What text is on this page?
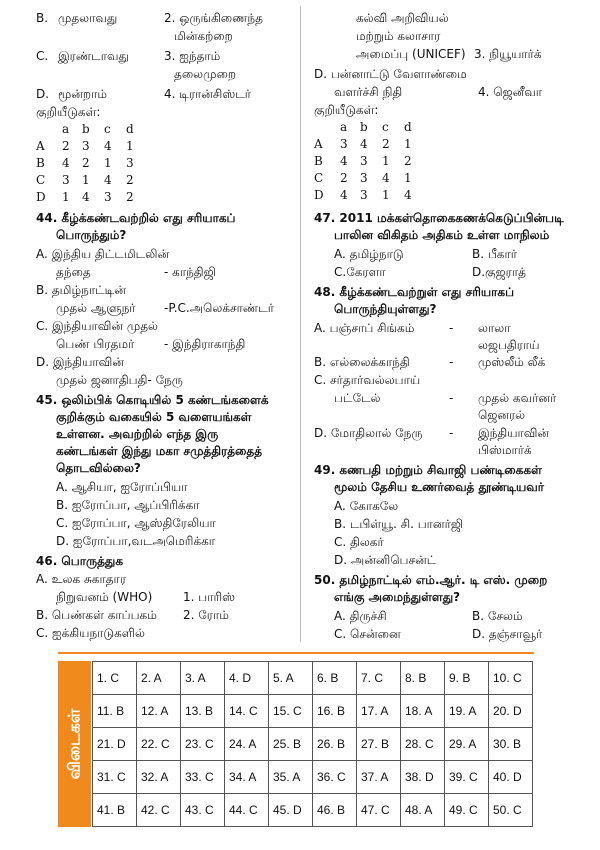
B. முதலாவது	2. ஒருங்கிணைந்த
மின்கற்றை
C. இரண்டாவது	3. ஐந்தாம்
தலைமுறை
D. மூன்றாம்	4. டிரான்சிஸ்டர்
குறியீடுகள்:
a b c d
A 2 3 4 1
B 4 2 1 3
C 3 1 4 2
D 1 4 3 2
44. கீழ்க்கண்டவற்றில் எது சரியாகப்
பொருந்தும்?
A. இந்திய திட்டமிடலின்
தந்தை	- காந்திஜி
B. தமிழ்நாட்டின்
முதல் ஆளுநர் -P.C.அலெக்சாண்டர்
C. இந்தியாவின் முதல்
பெண் பிரதமர் - இந்திராகாந்தி
D. இந்தியாவின்
முதல் ஜனாதிபதி- நேரு
45. ஒலிம்பிக் கொடியில் 5 கண்டங்களைக்
குறிக்கும் வகையில் 5 வளையங்கள்
உள்ளன. அவற்றில் எந்த இரு
கண்டங்கள் இந்து மகா சமுத்திரத்தைத்
தொடவில்லை?
A. ஆசியா, ஐரோப்பியா
B. ஐரோப்பா, ஆப்பிரிக்கா
C. ஐரோப்பா, ஆஸ்திரேலியா
D. ஐரோப்பா,வடஅமெரிக்கா
46. பொருத்துக
A. உலக சுகாதார
நிறுவனம் (WHO)	1. பாரிஸ்
B. பெண்கள் காப்பகம் 2. ரோம்
C. ஐக்கியநாடுகளில்
கல்வி அறிவியல்
மற்றும் கலாசார
அமைப்பு (UNICEF) 3. நியூயார்க்
D. பன்னாட்டு வேளாண்மை
வளர்ச்சி நிதி	4. ஜெனீவா
குறியீடுகள்:
a b c d
A 3 4 2 1
B 4 3 1 2
C 2 3 4 1
D 4 3 1 4
47. 2011 மக்கள்தொகைகணக்கெடுப்பின்படி
பாலின விகிதம் அதிகம் உள்ள மாநிலம்
A. தமிழ்நாடு	B. பீகார்
C.கேரளா	D.குஜராத்
48. கீழ்க்கண்டவற்றுள் எது சரியாகப்
பொருந்தியுள்ளது?
A. பஞ்சாப் சிங்கம்	- லாலா
லஜபதிராய்
B. எல்லைக்காந்தி	- முஸ்லீம் லீக்
C. சர்தார்வல்லபாய்
பட்டேல்	- முதல் கவர்னர்
ஜெனரல்
D. மோதிலால் நேரு - இந்தியாவின்
பிஸ்மார்க்
49. கணபதி மற்றும் சிவாஜி பண்டிகைகள்
மூலம் தேசிய உணர்வைத் தூண்டியவர்
A. கோகலே
B. டபிள்யூ. சி. பானர்ஜி
C. திலகர்
D. அன்னிபெசன்ட்
50. தமிழ்நாட்டில் எம்.ஆர். டி எஸ். முறை
எங்கு அமைந்துள்ளது?
A. திருச்சி	B. சேலம்
C. சென்னை	D. தஞ்சாவூர்
விடைகள்
1. C	2. A	3. A	4. D	5. A	6. B	7. C	8. B	9. B	10. C
11. B	12. A	13. B	14. C	15. C	16. B	17. A	18. A	19. A	20. D
21. D	22. C	23. C	24. A	25. B	26. B	27. B	28. C	29. A	30. B
31. C	32. A	33. C	34. A	35. A	36. C	37. A	38. D	39. C	40. D
41. B	42. C	43. C	44. C	45. D	46. B	47. C	48. A	49. C	50. C
